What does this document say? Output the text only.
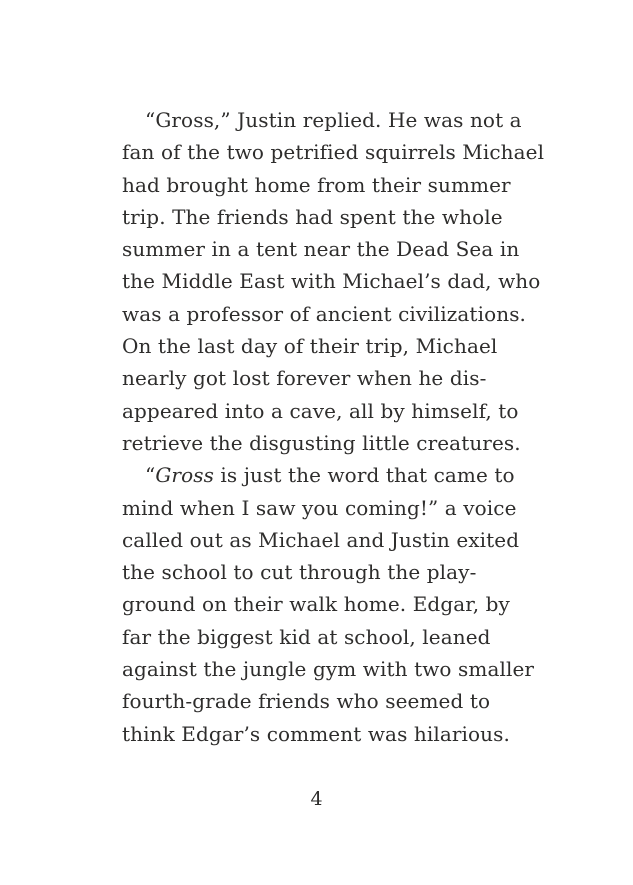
“Gross,” Justin replied. He was not a
fan of the two petrified squirrels Michael
had brought home from their summer
trip. The friends had spent the whole
summer in a tent near the Dead Sea in
the Middle East with Michael’s dad, who
was a professor of ancient civilizations.
On the last day of their trip, Michael
nearly got lost forever when he dis-
appeared into a cave, all by himself, to
retrieve the disgusting little creatures.
“Gross is just the word that came to
mind when I saw you coming!” a voice
called out as Michael and Justin exited
the school to cut through the play-
ground on their walk home. Edgar, by
far the biggest kid at school, leaned
against the jungle gym with two smaller
fourth-grade friends who seemed to
think Edgar’s comment was hilarious.
4
